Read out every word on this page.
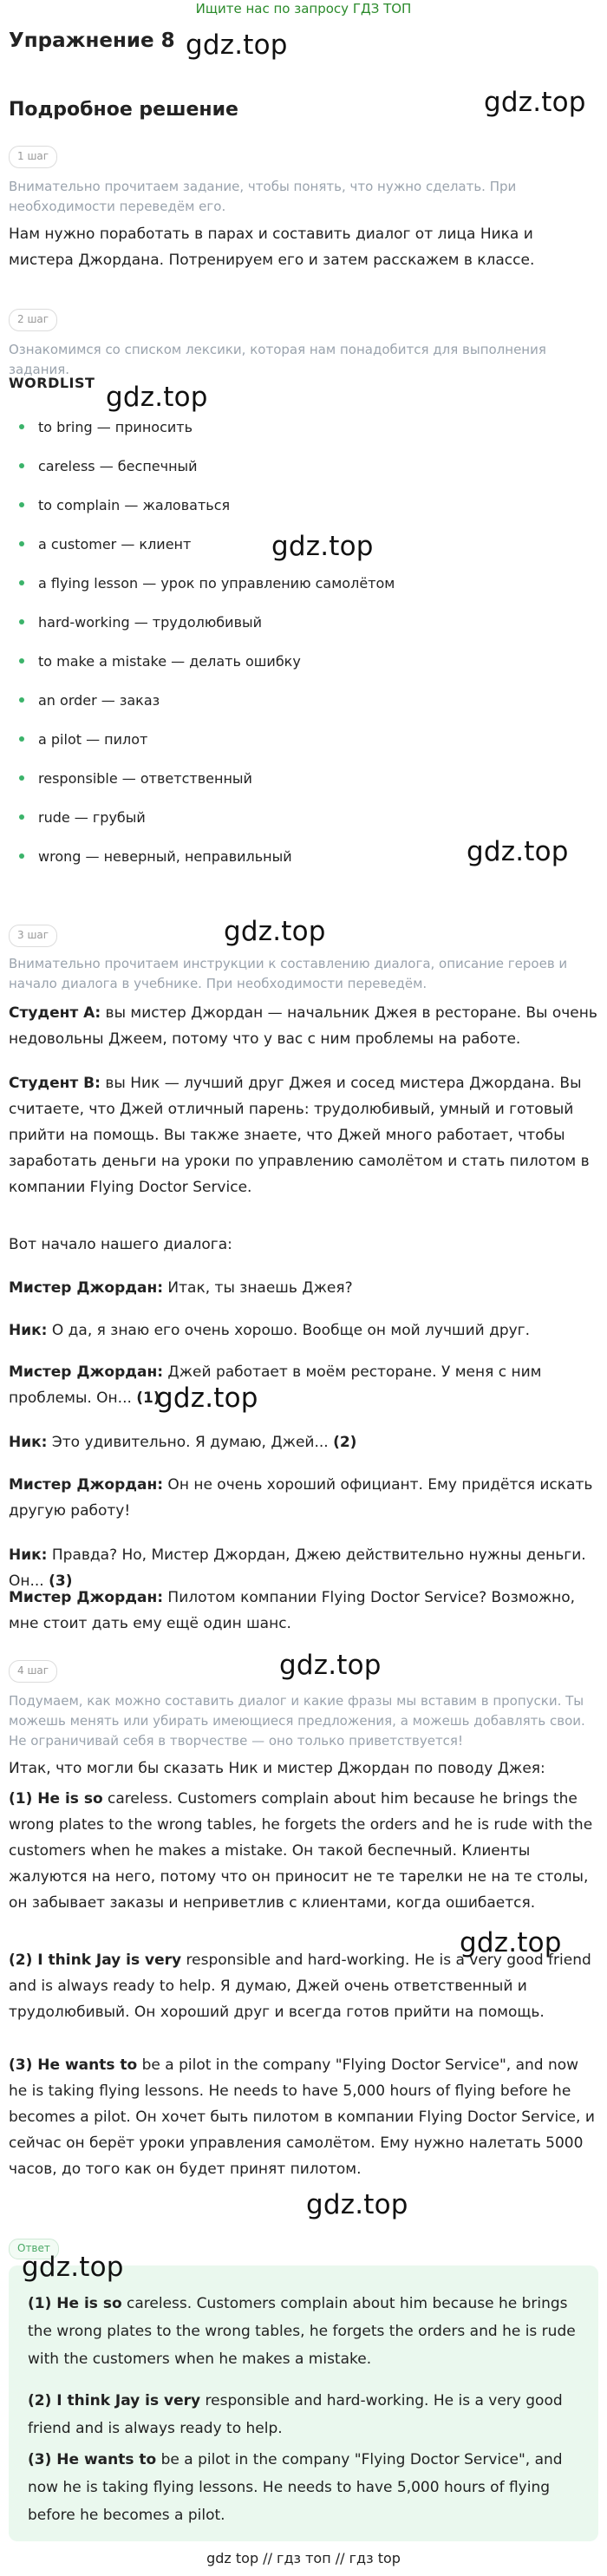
Ищите нас по запросу ГДЗ ТОП
gdz.top
gdz.top
gdz.top
gdz.top
gdz.top
gdz.top
gdz.top
gdz.top
gdz.top
gdz.top
gdz.top
Упражнение 8
Подробное решение
1 шаг
Внимательно прочитаем задание, чтобы понять, что нужно сделать. При необходимости переведём его.
Нам нужно поработать в парах и составить диалог от лица Ника и мистера Джордана. Потренируем его и затем расскажем в классе.
2 шаг
Ознакомимся со списком лексики, которая нам понадобится для выполнения задания.
WORDLIST
to bring — приносить
careless — беспечный
to complain — жаловаться
a customer — клиент
a flying lesson — урок по управлению самолётом
hard-working — трудолюбивый
to make a mistake — делать ошибку
an order — заказ
a pilot — пилот
responsible — ответственный
rude — грубый
wrong — неверный, неправильный
3 шаг
Внимательно прочитаем инструкции к составлению диалога, описание героев и начало диалога в учебнике. При необходимости переведём.
Студент А: вы мистер Джордан — начальник Джея в ресторане. Вы очень недовольны Джеем, потому что у вас с ним проблемы на работе.
Студент В: вы Ник — лучший друг Джея и сосед мистера Джордана. Вы считаете, что Джей отличный парень: трудолюбивый, умный и готовый прийти на помощь. Вы также знаете, что Джей много работает, чтобы заработать деньги на уроки по управлению самолётом и стать пилотом в компании Flying Doctor Service.
Вот начало нашего диалога:
Мистер Джордан: Итак, ты знаешь Джея?
Ник: О да, я знаю его очень хорошо. Вообще он мой лучший друг.
Мистер Джордан: Джей работает в моём ресторане. У меня с ним проблемы. Он... (1)
Ник: Это удивительно. Я думаю, Джей... (2)
Мистер Джордан: Он не очень хороший официант. Ему придётся искать другую работу!
Ник: Правда? Но, Мистер Джордан, Джею действительно нужны деньги. Он... (3)
Мистер Джордан: Пилотом компании Flying Doctor Service? Возможно, мне стоит дать ему ещё один шанс.
4 шаг
Подумаем, как можно составить диалог и какие фразы мы вставим в пропуски. Ты можешь менять или убирать имеющиеся предложения, а можешь добавлять свои. Не ограничивай себя в творчестве — оно только приветствуется!
Итак, что могли бы сказать Ник и мистер Джордан по поводу Джея:
(1) He is so careless. Customers complain about him because he brings the wrong plates to the wrong tables, he forgets the orders and he is rude with the customers when he makes a mistake. Он такой беспечный. Клиенты жалуются на него, потому что он приносит не те тарелки не на те столы, он забывает заказы и неприветлив с клиентами, когда ошибается.
(2) I think Jay is very responsible and hard-working. He is a very good friend and is always ready to help. Я думаю, Джей очень ответственный и трудолюбивый. Он хороший друг и всегда готов прийти на помощь.
(3) He wants to be a pilot in the company "Flying Doctor Service", and now he is taking flying lessons. He needs to have 5,000 hours of flying before he becomes a pilot. Он хочет быть пилотом в компании Flying Doctor Service, и сейчас он берёт уроки управления самолётом. Ему нужно налетать 5000 часов, до того как он будет принят пилотом.
Ответ
(1) He is so careless. Customers complain about him because he brings the wrong plates to the wrong tables, he forgets the orders and he is rude with the customers when he makes a mistake.
(2) I think Jay is very responsible and hard-working. He is a very good friend and is always ready to help.
(3) He wants to be a pilot in the company "Flying Doctor Service", and now he is taking flying lessons. He needs to have 5,000 hours of flying before he becomes a pilot.
gdz top // гдз топ // гдз top
